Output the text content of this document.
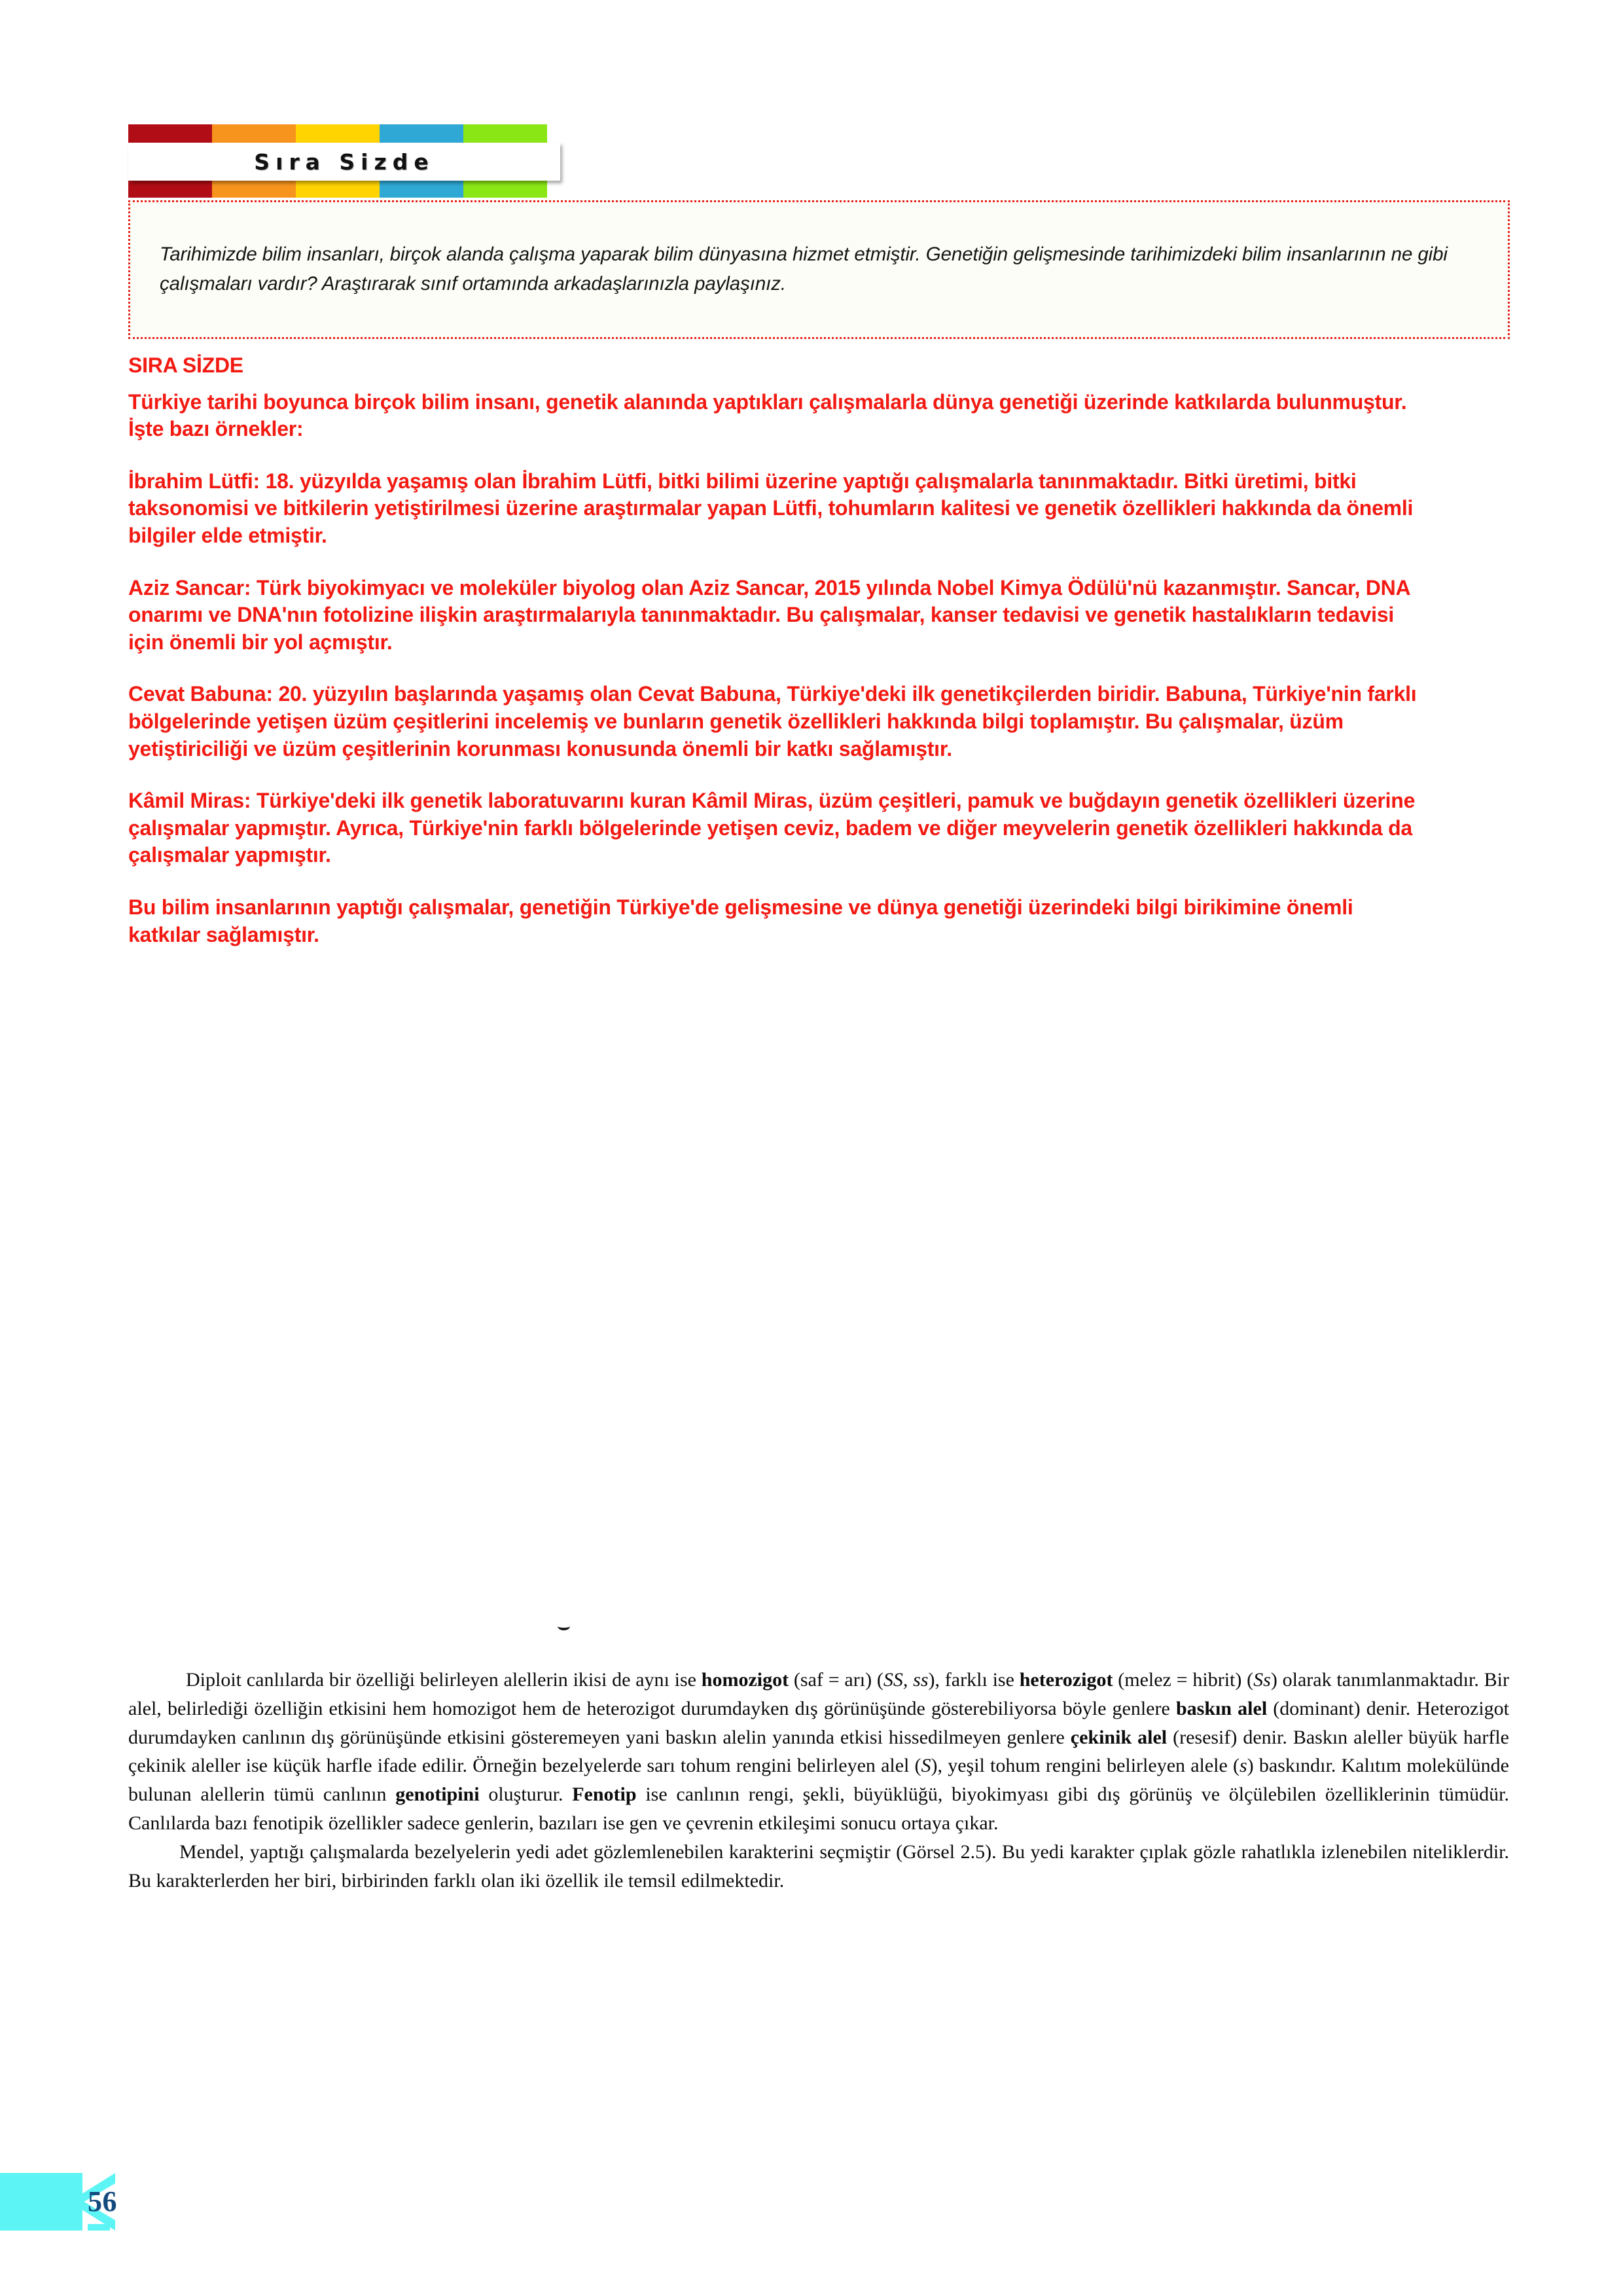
Sıra Sizde
Tarihimizde bilim insanları, birçok alanda çalışma yaparak bilim dünyasına hizmet etmiştir. Genetiğin gelişmesinde tarihimizdeki bilim insanlarının ne gibi çalışmaları vardır? Araştırarak sınıf ortamında arkadaşlarınızla paylaşınız.

SIRA SİZDE

Türkiye tarihi boyunca birçok bilim insanı, genetik alanında yaptıkları çalışmalarla dünya genetiği üzerinde katkılarda bulunmuştur. İşte bazı örnekler:

İbrahim Lütfi: 18. yüzyılda yaşamış olan İbrahim Lütfi, bitki bilimi üzerine yaptığı çalışmalarla tanınmaktadır. Bitki üretimi, bitki taksonomisi ve bitkilerin yetiştirilmesi üzerine araştırmalar yapan Lütfi, tohumların kalitesi ve genetik özellikleri hakkında da önemli bilgiler elde etmiştir.

Aziz Sancar: Türk biyokimyacı ve moleküler biyolog olan Aziz Sancar, 2015 yılında Nobel Kimya Ödülü'nü kazanmıştır. Sancar, DNA onarımı ve DNA'nın fotolizine ilişkin araştırmalarıyla tanınmaktadır. Bu çalışmalar, kanser tedavisi ve genetik hastalıkların tedavisi için önemli bir yol açmıştır.

Cevat Babuna: 20. yüzyılın başlarında yaşamış olan Cevat Babuna, Türkiye'deki ilk genetikçilerden biridir. Babuna, Türkiye'nin farklı bölgelerinde yetişen üzüm çeşitlerini incelemiş ve bunların genetik özellikleri hakkında bilgi toplamıştır. Bu çalışmalar, üzüm yetiştiriciliği ve üzüm çeşitlerinin korunması konusunda önemli bir katkı sağlamıştır.

Kâmil Miras: Türkiye'deki ilk genetik laboratuvarını kuran Kâmil Miras, üzüm çeşitleri, pamuk ve buğdayın genetik özellikleri üzerine çalışmalar yapmıştır. Ayrıca, Türkiye'nin farklı bölgelerinde yetişen ceviz, badem ve diğer meyvelerin genetik özellikleri hakkında da çalışmalar yapmıştır.

Bu bilim insanlarının yaptığı çalışmalar, genetiğin Türkiye'de gelişmesine ve dünya genetiği üzerindeki bilgi birikimine önemli katkılar sağlamıştır.

Diploit canlılarda bir özelliği belirleyen alellerin ikisi de aynı ise homozigot (saf = arı) (SS, ss), farklı ise heterozigot (melez = hibrit) (Ss) olarak tanımlanmaktadır. Bir alel, belirlediği özelliğin etkisini hem homozigot hem de heterozigot durumdayken dış görünüşünde gösterebiliyorsa böyle genlere baskın alel (dominant) denir. Heterozigot durumdayken canlının dış görünüşünde etkisini gösteremeyen yani baskın alelin yanında etkisi hissedilmeyen genlere çekinik alel (resesif) denir. Baskın aleller büyük harfle çekinik aleller ise küçük harfle ifade edilir. Örneğin bezelyelerde sarı tohum rengini belirleyen alel (S), yeşil tohum rengini belirleyen alele (s) baskındır. Kalıtım molekülünde bulunan alellerin tümü canlının genotipini oluşturur. Fenotip ise canlının rengi, şekli, büyüklüğü, biyokimyası gibi dış görünüş ve ölçülebilen özelliklerinin tümüdür. Canlılarda bazı fenotipik özellikler sadece genlerin, bazıları ise gen ve çevrenin etkileşimi sonucu ortaya çıkar.

Mendel, yaptığı çalışmalarda bezelyelerin yedi adet gözlemlenebilen karakterini seçmiştir (Görsel 2.5). Bu yedi karakter çıplak gözle rahatlıkla izlenebilen niteliklerdir. Bu karakterlerden her biri, birbirinden farklı olan iki özellik ile temsil edilmektedir.

56
